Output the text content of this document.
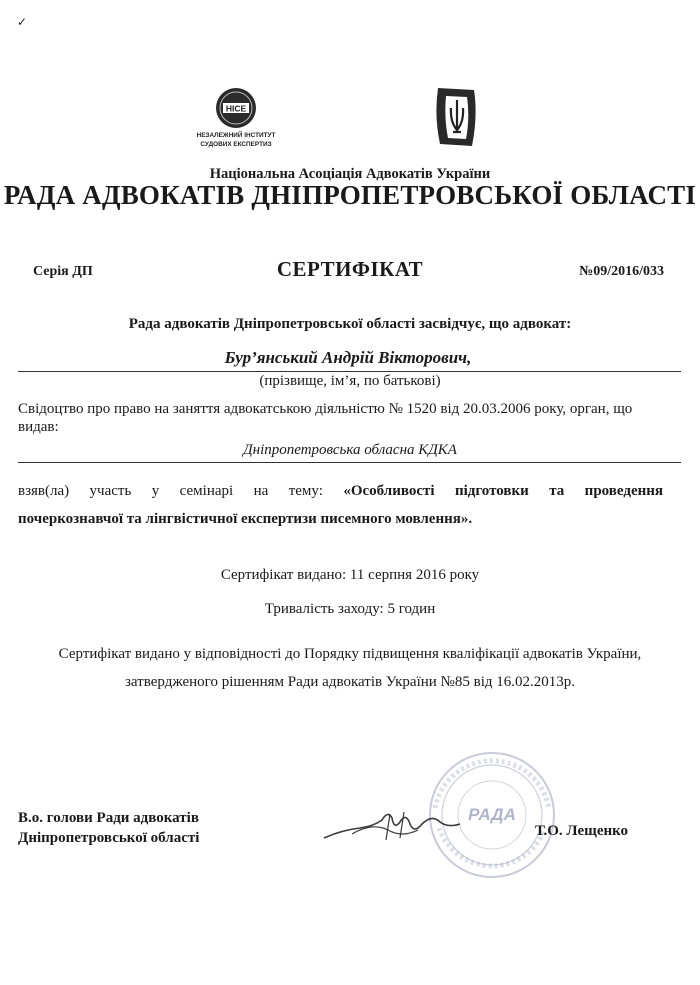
✓
НІСЕ
НЕЗАЛЕЖНИЙ ІНСТИТУТ
СУДОВИХ ЕКСПЕРТИЗ
Національна Асоціація Адвокатів України
РАДА АДВОКАТІВ ДНІПРОПЕТРОВСЬКОЇ ОБЛАСТІ
Серія ДП	СЕРТИФІКАТ	№09/2016/033
Рада адвокатів Дніпропетровської області засвідчує, що адвокат:
Бур’янський Андрій Вікторович,
(прізвище, ім’я, по батькові)
Свідоцтво про право на заняття адвокатською діяльністю № 1520 від 20.03.2006 року, орган, що видав:
Дніпропетровська обласна КДКА
взяв(ла) участь у семінарі на тему: «Особливості підготовки та проведення
почеркознавчої та лінгвістичної експертизи писемного мовлення».
Сертифікат видано: 11 серпня 2016 року
Тривалість заходу: 5 годин
Сертифікат видано у відповідності до Порядку підвищення кваліфікації адвокатів України,
затвердженого рішенням Ради адвокатів України №85 від 16.02.2013р.
РАДА
В.о. голови Ради адвокатів
Дніпропетровської області	Т.О. Лещенко
